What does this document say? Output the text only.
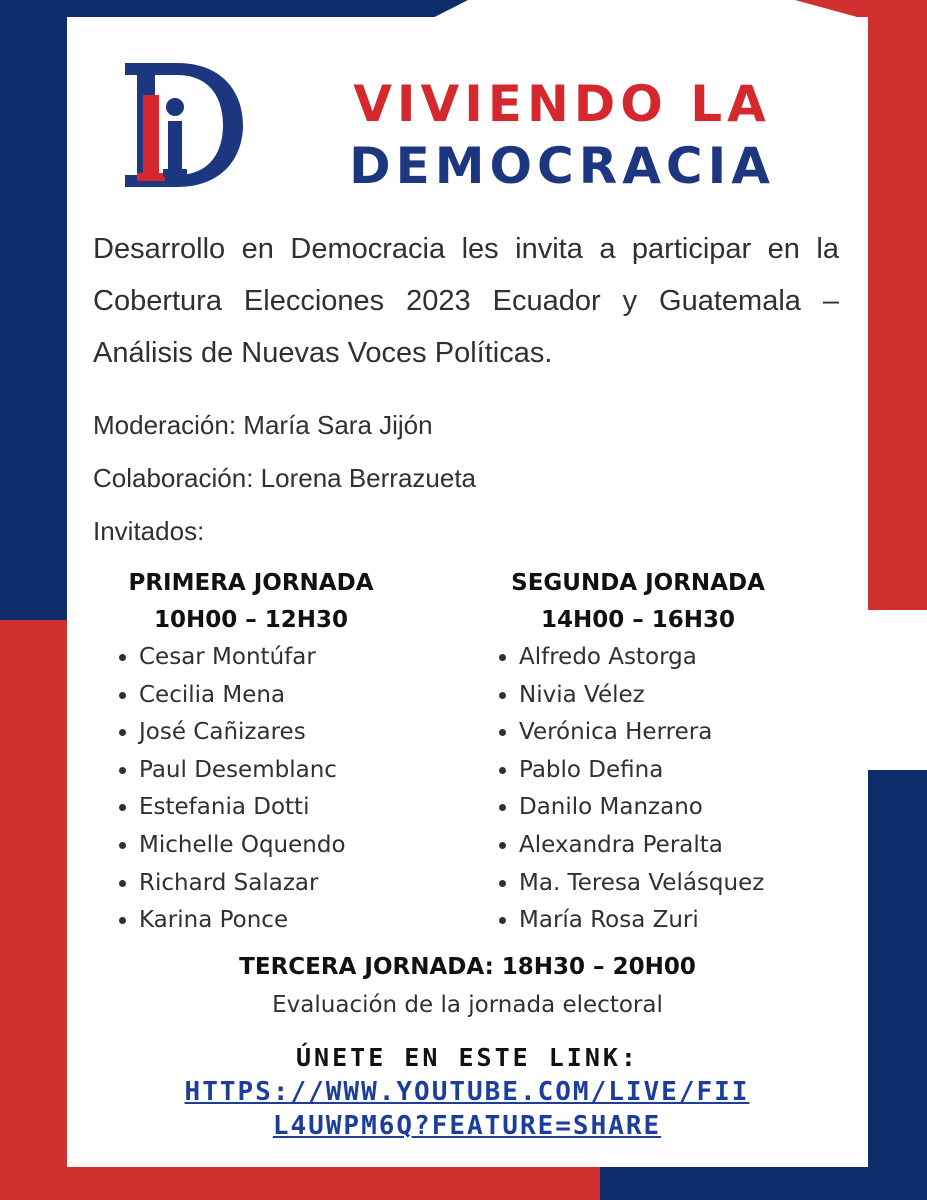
VIVIENDO LA
DEMOCRACIA

Desarrollo en Democracia les invita a participar en la Cobertura Elecciones 2023 Ecuador y Guatemala – Análisis de Nuevas Voces Políticas.

Moderación: María Sara Jijón

Colaboración: Lorena Berrazueta

Invitados:

PRIMERA JORNADA

10H00 – 12H30

Cesar Montúfar
Cecilia Mena
José Cañizares
Paul Desemblanc
Estefania Dotti
Michelle Oquendo
Richard Salazar
Karina Ponce

SEGUNDA JORNADA

14H00 – 16H30

Alfredo Astorga
Nivia Vélez
Verónica Herrera
Pablo Defina
Danilo Manzano
Alexandra Peralta
Ma. Teresa Velásquez
María Rosa Zuri

TERCERA JORNADA: 18H30 – 20H00

Evaluación de la jornada electoral

ÚNETE EN ESTE LINK:

HTTPS://WWW.YOUTUBE.COM/LIVE/FII
L4UWPM6Q?FEATURE=SHARE
